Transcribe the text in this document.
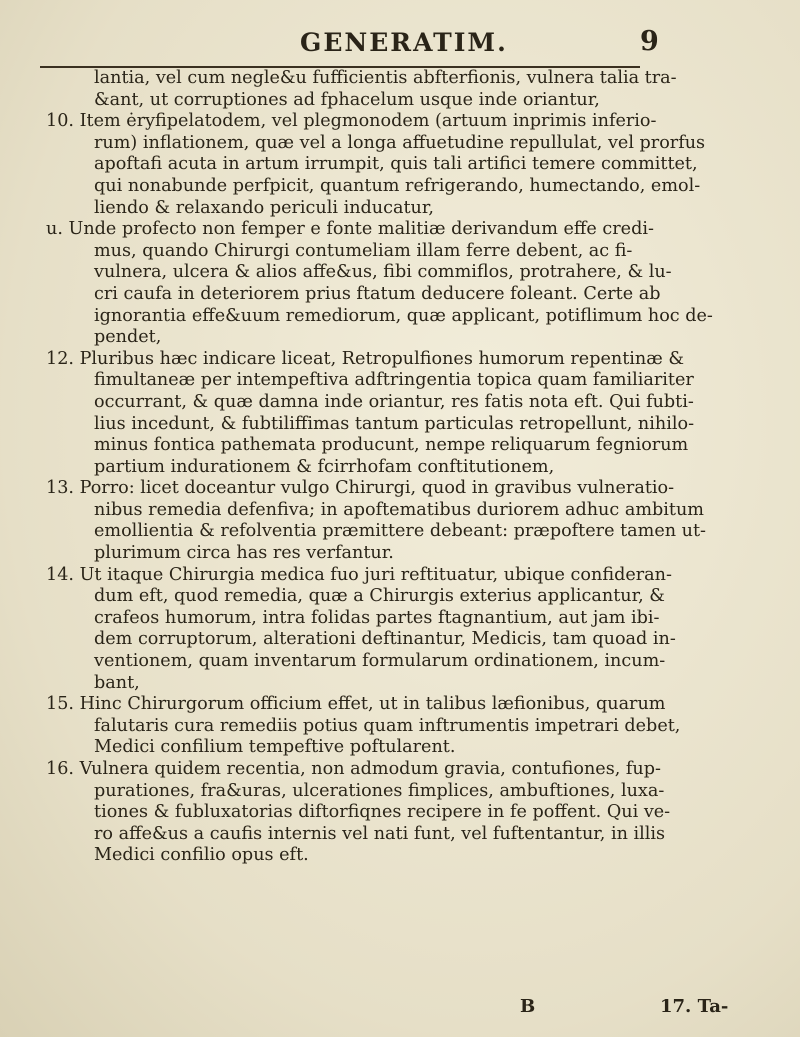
GENERATIM.	9
lantia, vel cum negle&u fufficientis abfterfionis, vulnera talia tra-
&ant, ut corruptiones ad fphacelum usque inde oriantur,
10. Item ėryfipelatodem, vel plegmonodem (artuum inprimis inferio-
rum) inflationem, quæ vel a longa affuetudine repullulat, vel prorfus
apoftafi acuta in artum irrumpit, quis tali artifici temere committet,
qui nonabunde perfpicit, quantum refrigerando, humectando, emol-
liendo & relaxando periculi inducatur,
u. Unde profecto non femper e fonte malitiæ derivandum effe credi-
mus, quando Chirurgi contumeliam illam ferre debent, ac fi-
vulnera, ulcera & alios affe&us, fibi commiflos, protrahere, & lu-
cri caufa in deteriorem prius ftatum deducere foleant. Certe ab
ignorantia effe&uum remediorum, quæ applicant, potiflimum hoc de-
pendet,
12. Pluribus hæc indicare liceat, Retropulfiones humorum repentinæ &
fimultaneæ per intempeftiva adftringentia topica quam familiariter
occurrant, & quæ damna inde oriantur, res fatis nota eft. Qui fubti-
lius incedunt, & fubtiliffimas tantum particulas retropellunt, nihilo-
minus fontica pathemata producunt, nempe reliquarum fegniorum
partium indurationem & fcirrhofam conftitutionem,
13. Porro: licet doceantur vulgo Chirurgi, quod in gravibus vulneratio-
nibus remedia defenfiva; in apoftematibus duriorem adhuc ambitum
emollientia & refolventia præmittere debeant: præpoftere tamen ut-
plurimum circa has res verfantur.
14. Ut itaque Chirurgia medica fuo juri reftituatur, ubique confideran-
dum eft, quod remedia, quæ a Chirurgis exterius applicantur, &
crafeos humorum, intra folidas partes ftagnantium, aut jam ibi-
dem corruptorum, alterationi deftinantur, Medicis, tam quoad in-
ventionem, quam inventarum formularum ordinationem, incum-
bant,
15. Hinc Chirurgorum officium effet, ut in talibus læfionibus, quarum
falutaris cura remediis potius quam inftrumentis impetrari debet,
Medici confilium tempeftive poftularent.
16. Vulnera quidem recentia, non admodum gravia, contufiones, fup-
purationes, fra&uras, ulcerationes fimplices, ambuftiones, luxa-
tiones & fubluxatorias diftorfiqnes recipere in fe poffent. Qui ve-
ro affe&us a caufis internis vel nati funt, vel fuftentantur, in illis
Medici confilio opus eft.
B	17. Ta-
